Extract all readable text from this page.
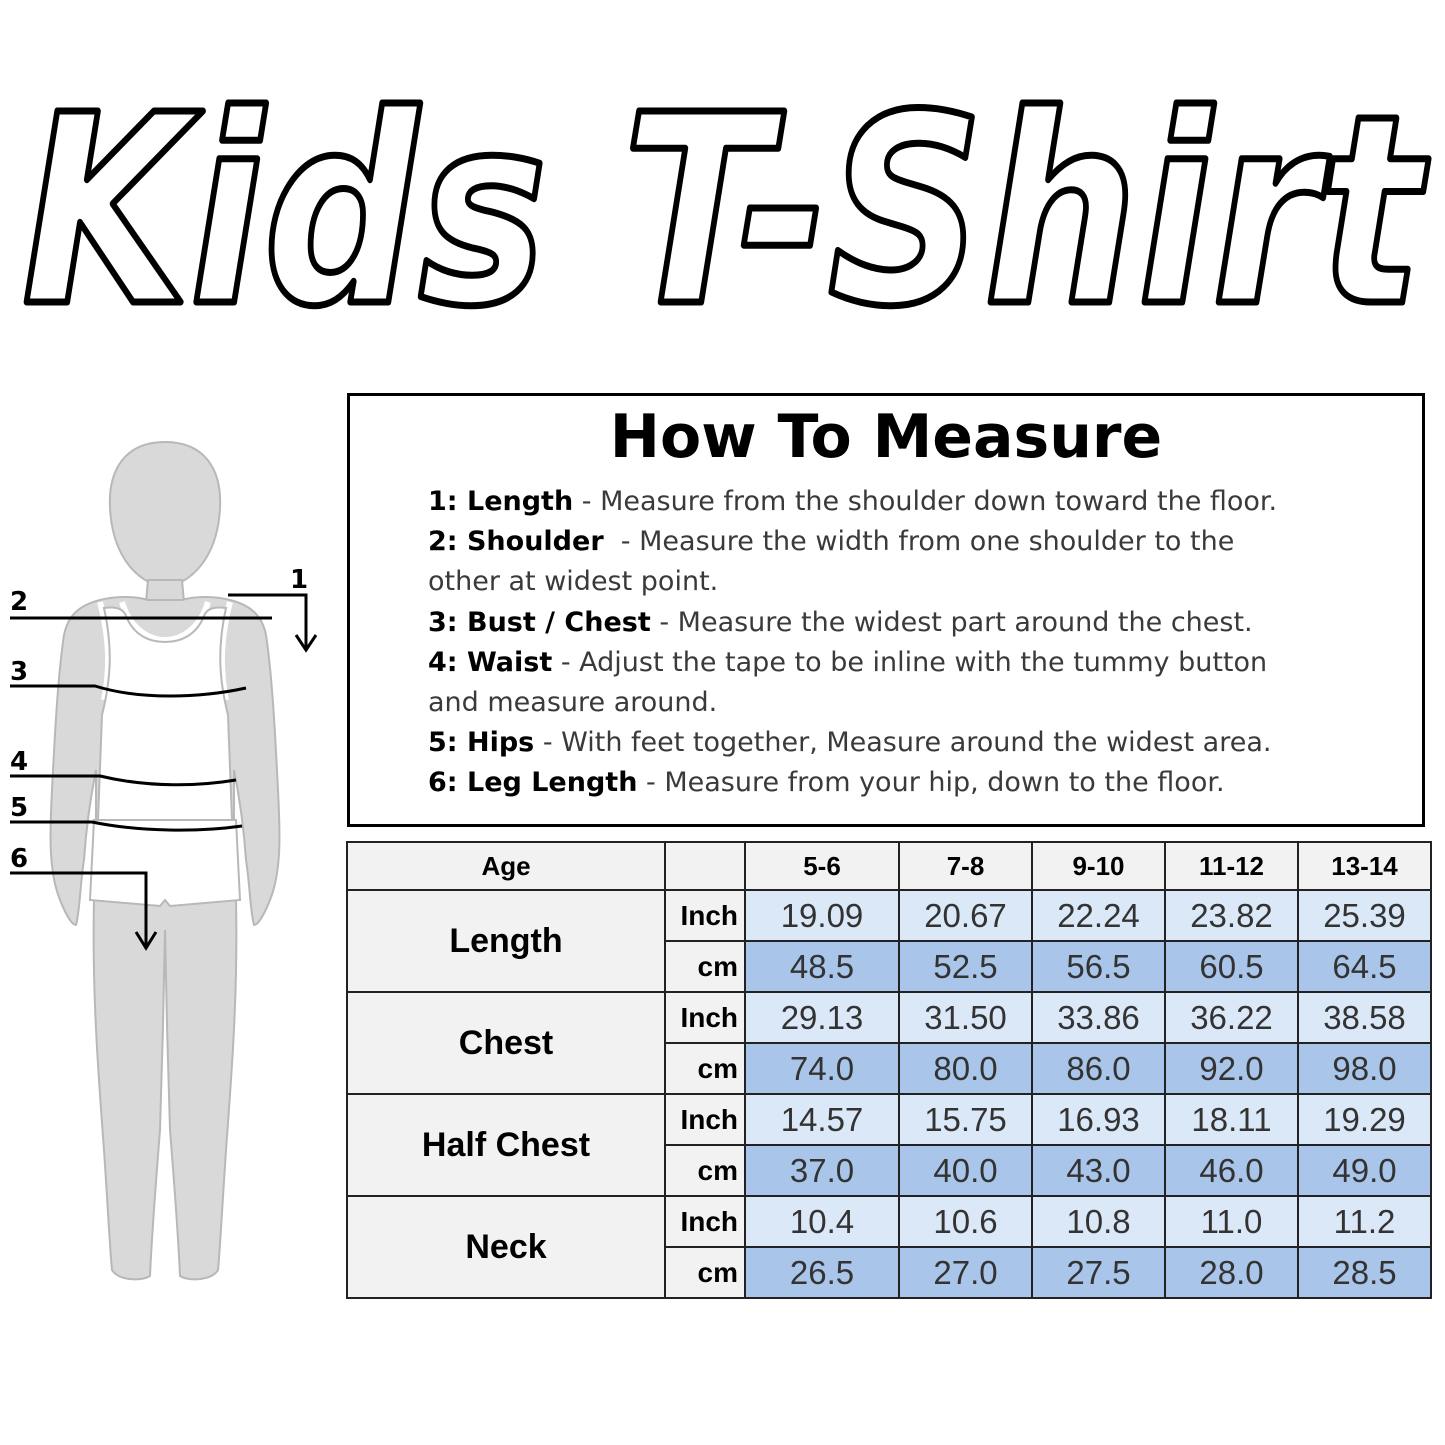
Kids T-Shirt
1
2
3
4
5
6
How To Measure
1: Length - Measure from the shoulder down toward the floor.
2: Shoulder  - Measure the width from one shoulder to the
other at widest point.
3: Bust / Chest - Measure the widest part around the chest.
4: Waist - Adjust the tape to be inline with the tummy button
and measure around.
5: Hips - With feet together, Measure around the widest area.
6: Leg Length - Measure from your hip, down to the floor.
Age		5-6	7-8	9-10	11-12	13-14
Length	Inch	19.09	20.67	22.24	23.82	25.39
	cm	48.5	52.5	56.5	60.5	64.5
Chest	Inch	29.13	31.50	33.86	36.22	38.58
	cm	74.0	80.0	86.0	92.0	98.0
Half Chest	Inch	14.57	15.75	16.93	18.11	19.29
	cm	37.0	40.0	43.0	46.0	49.0
Neck	Inch	10.4	10.6	10.8	11.0	11.2
	cm	26.5	27.0	27.5	28.0	28.5
